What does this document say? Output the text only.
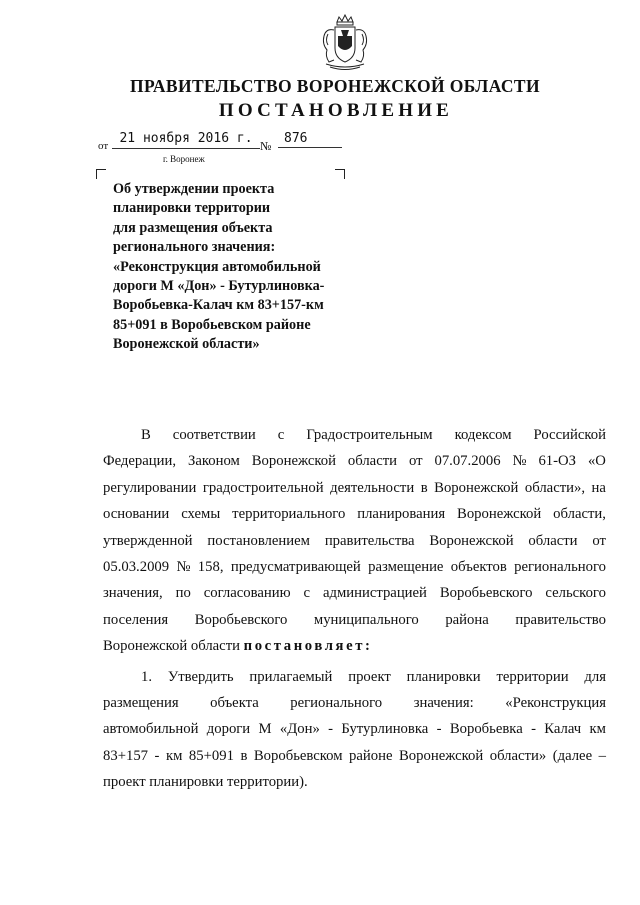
ПРАВИТЕЛЬСТВО ВОРОНЕЖСКОЙ ОБЛАСТИ
ПОСТАНОВЛЕНИЕ
от 21 ноября 2016 г. № 876
г. Воронеж
Об утверждении проекта
планировки территории
для размещения объекта
регионального значения:
«Реконструкция автомобильной
дороги М «Дон» - Бутурлиновка-
Воробьевка-Калач км 83+157-км
85+091 в Воробьевском районе
Воронежской области»
В соответствии с Градостроительным кодексом Российской
Федерации, Законом Воронежской области от 07.07.2006 № 61-ОЗ «О
регулировании градостроительной деятельности в Воронежской области», на
основании схемы территориального планирования Воронежской области,
утвержденной постановлением правительства Воронежской области от
05.03.2009 № 158, предусматривающей размещение объектов регионального
значения, по согласованию с администрацией Воробьевского сельского
поселения Воробьевского муниципального района правительство
Воронежской области постановляет:
1. Утвердить прилагаемый проект планировки территории для
размещения объекта регионального значения: «Реконструкция
автомобильной дороги М «Дон» - Бутурлиновка - Воробьевка - Калач км
83+157 - км 85+091 в Воробьевском районе Воронежской области» (далее –
проект планировки территории).
